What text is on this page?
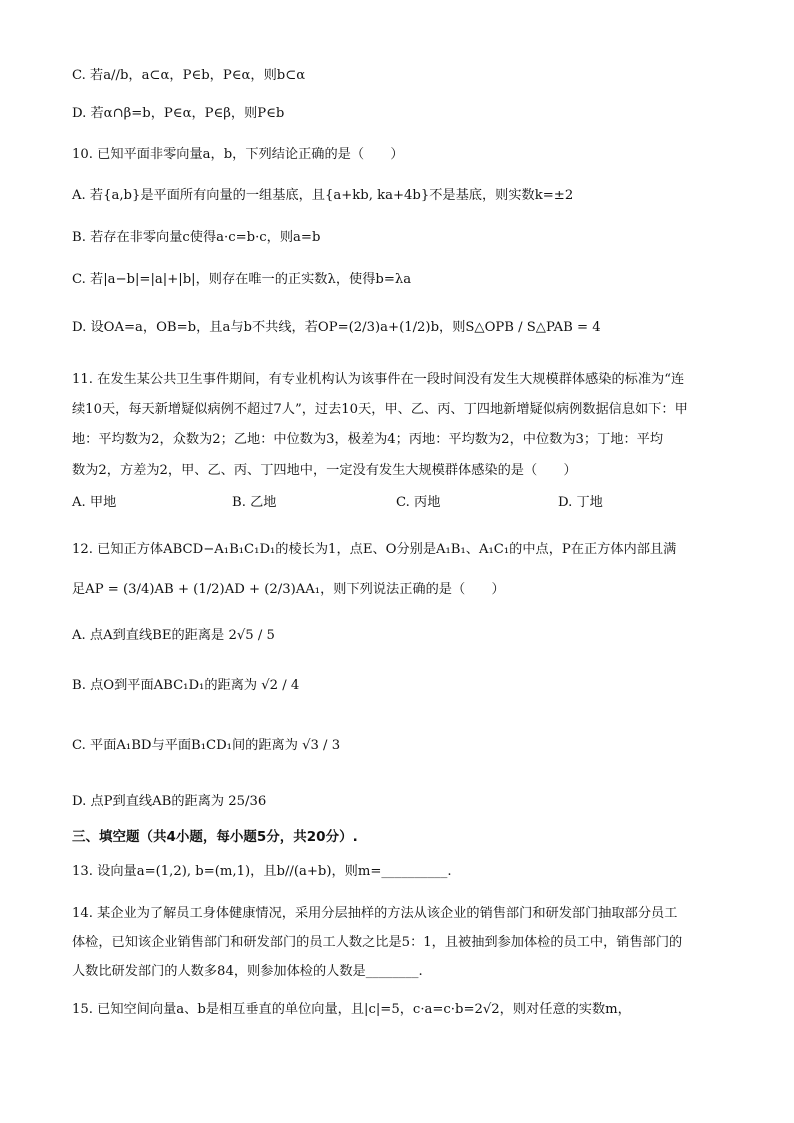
C. 若a//b，a⊂α，P∈b，P∈α，则b⊂α
D. 若α∩β=b，P∈α，P∈β，则P∈b
10. 已知平面非零向量a，b，下列结论正确的是（　　）
A. 若{a,b}是平面所有向量的一组基底，且{a+kb, ka+4b}不是基底，则实数k=±2
B. 若存在非零向量c使得a·c=b·c，则a=b
C. 若|a−b|=|a|+|b|，则存在唯一的正实数λ，使得b=λa
D. 设OA=a，OB=b，且a与b不共线，若OP=(2/3)a+(1/2)b，则S△OPB / S△PAB = 4
11. 在发生某公共卫生事件期间，有专业机构认为该事件在一段时间没有发生大规模群体感染的标准为“连
续10天，每天新增疑似病例不超过7人”，过去10天，甲、乙、丙、丁四地新增疑似病例数据信息如下：甲
地：平均数为2，众数为2；乙地：中位数为3，极差为4；丙地：平均数为2，中位数为3；丁地：平均
数为2，方差为2，甲、乙、丙、丁四地中，一定没有发生大规模群体感染的是（　　）
A. 甲地	B. 乙地	C. 丙地	D. 丁地
12. 已知正方体ABCD−A₁B₁C₁D₁的棱长为1，点E、O分别是A₁B₁、A₁C₁的中点，P在正方体内部且满
足AP = (3/4)AB + (1/2)AD + (2/3)AA₁，则下列说法正确的是（　　）
A. 点A到直线BE的距离是 2√5 / 5
B. 点O到平面ABC₁D₁的距离为 √2 / 4
C. 平面A₁BD与平面B₁CD₁间的距离为 √3 / 3
D. 点P到直线AB的距离为 25/36
三、填空题（共4小题，每小题5分，共20分）.
13. 设向量a=(1,2), b=(m,1)，且b//(a+b)，则m=__________.
14. 某企业为了解员工身体健康情况，采用分层抽样的方法从该企业的销售部门和研发部门抽取部分员工
体检，已知该企业销售部门和研发部门的员工人数之比是5：1，且被抽到参加体检的员工中，销售部门的
人数比研发部门的人数多84，则参加体检的人数是________.
15. 已知空间向量a、b是相互垂直的单位向量，且|c|=5，c·a=c·b=2√2，则对任意的实数m，
